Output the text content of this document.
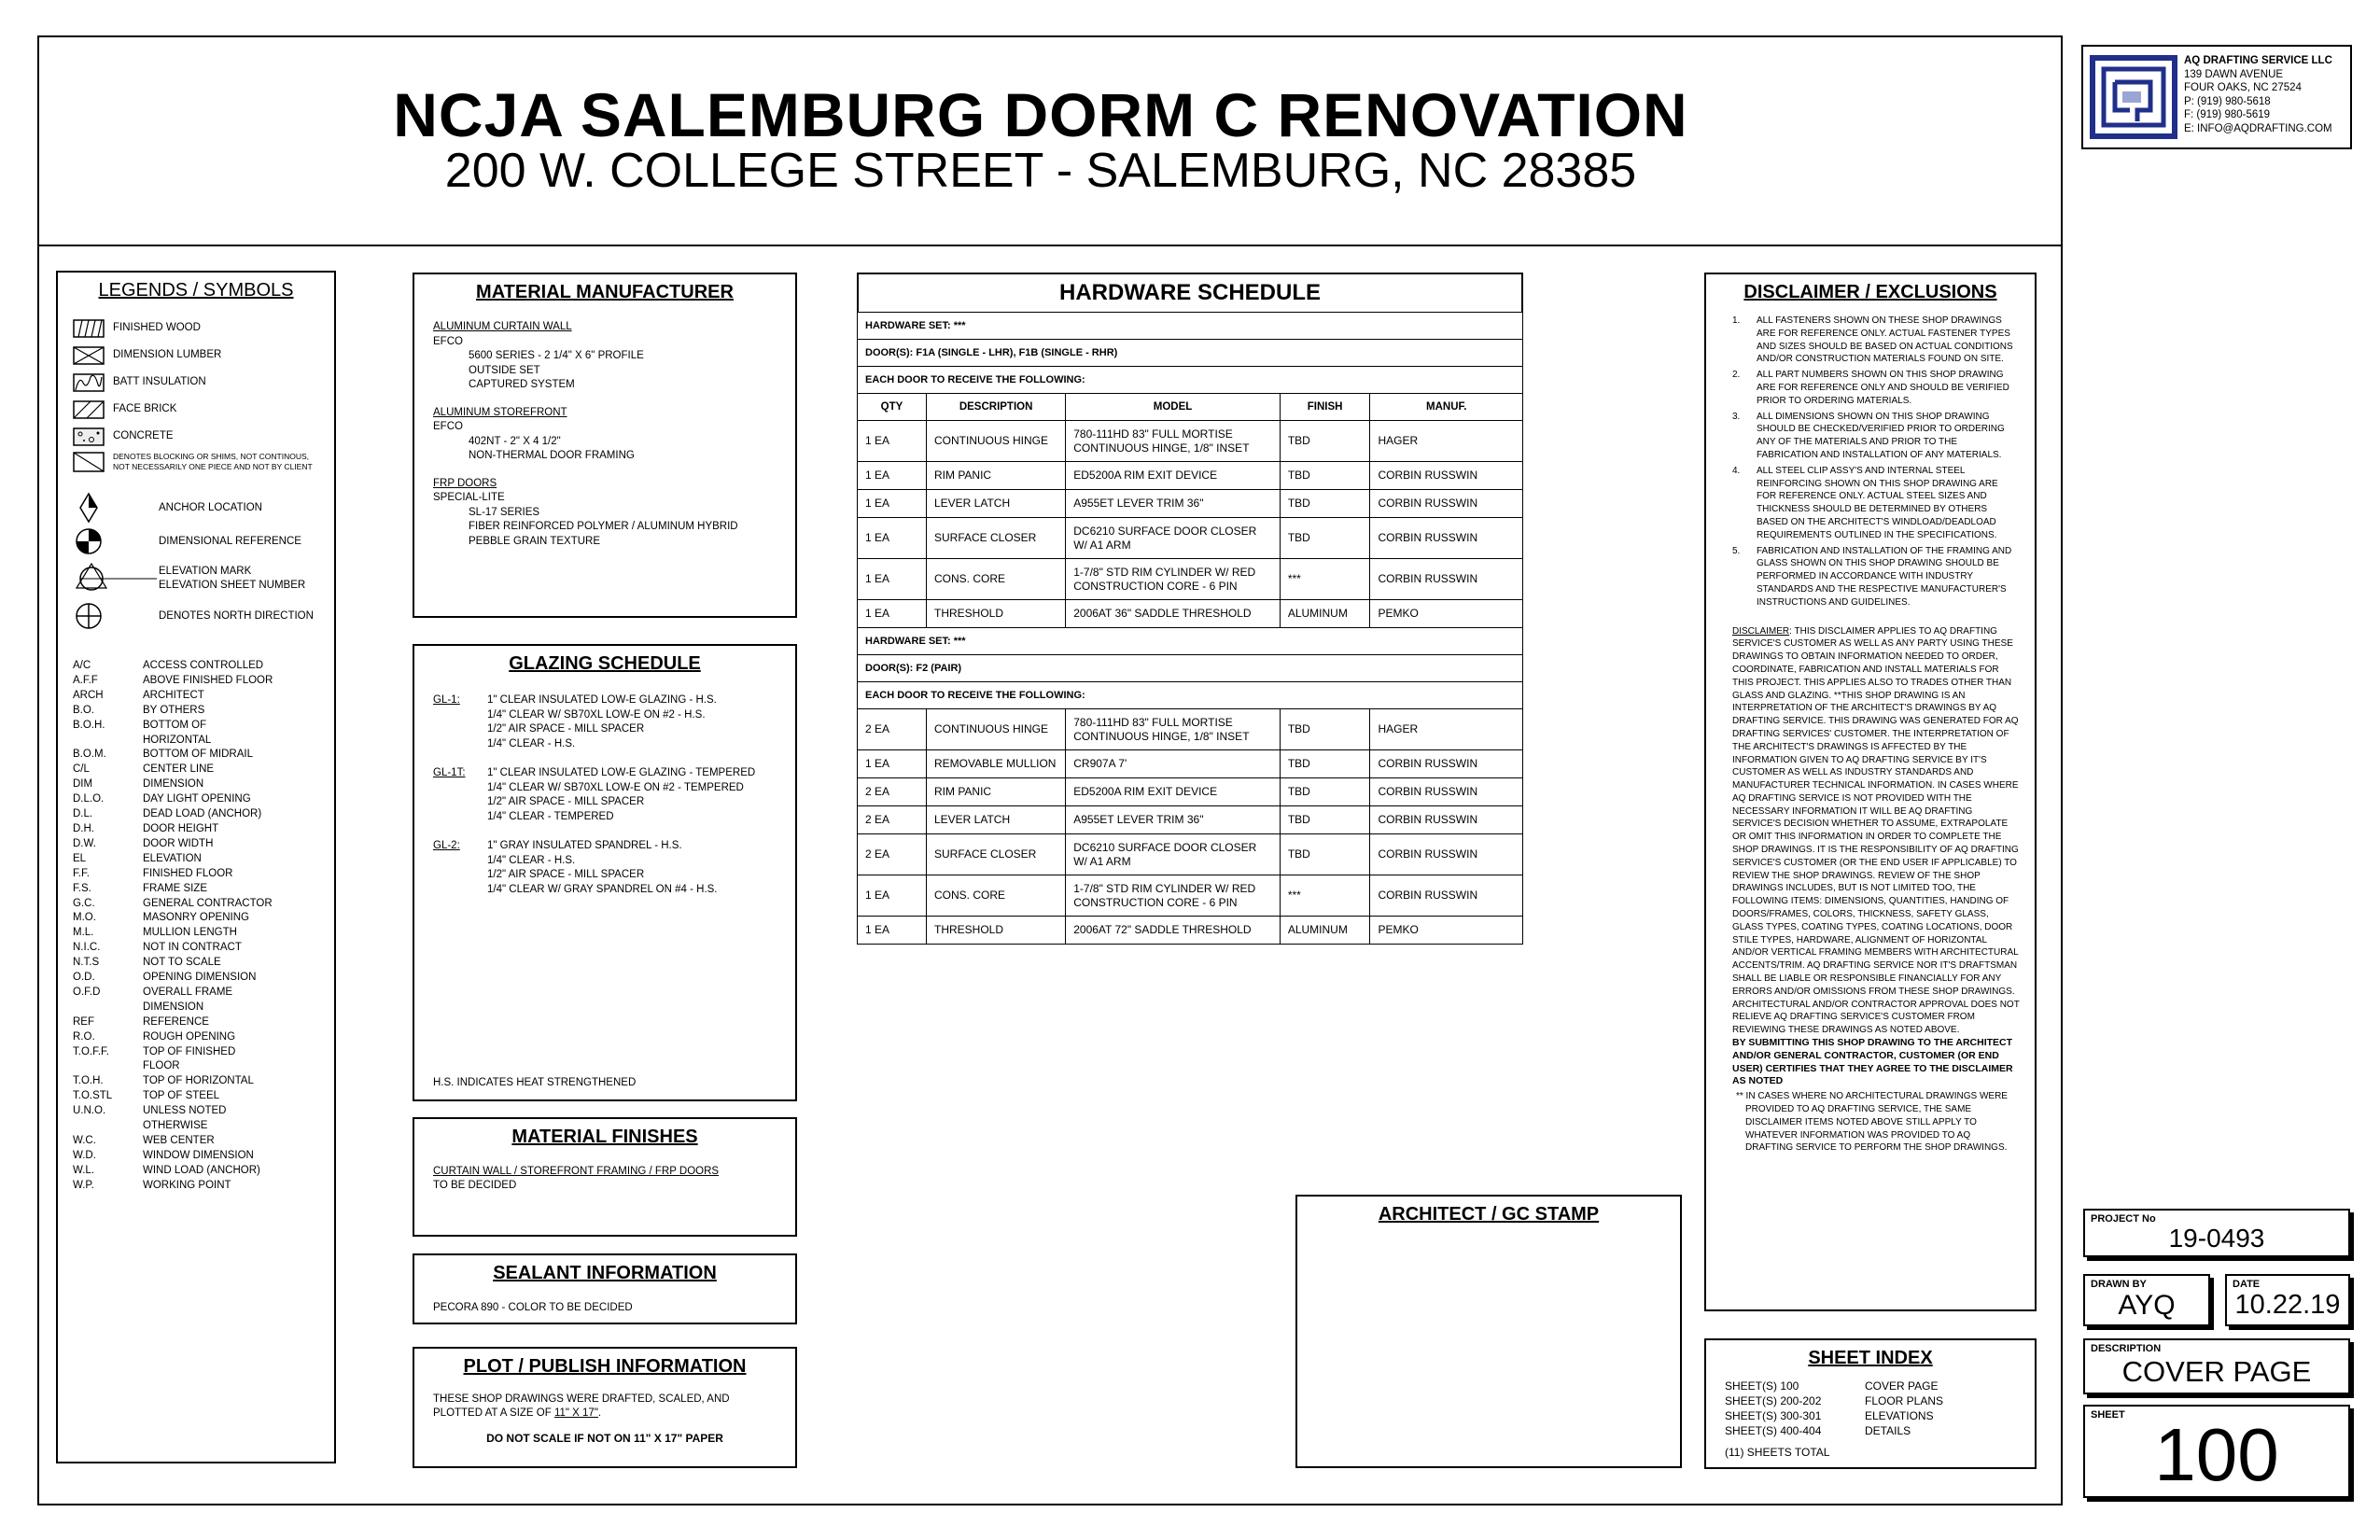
NCJA SALEMBURG DORM C RENOVATION
200 W. COLLEGE STREET - SALEMBURG, NC 28385
AQ DRAFTING SERVICE LLC
139 DAWN AVENUE
FOUR OAKS, NC 27524
P: (919) 980-5618
F: (919) 980-5619
E: INFO@AQDRAFTING.COM
LEGENDS / SYMBOLS
FINISHED WOOD
DIMENSION LUMBER
BATT INSULATION
FACE BRICK
CONCRETE
DENOTES BLOCKING OR SHIMS, NOT CONTINOUS, NOT NECESSARILY ONE PIECE AND NOT BY CLIENT
ANCHOR LOCATION
DIMENSIONAL REFERENCE
ELEVATION MARK
ELEVATION SHEET NUMBER
DENOTES NORTH DIRECTION
A/C	ACCESS CONTROLLED
A.F.F	ABOVE FINISHED FLOOR
ARCH	ARCHITECT
B.O.	BY OTHERS
B.O.H.	BOTTOM OF HORIZONTAL
B.O.M.	BOTTOM OF MIDRAIL
C/L	CENTER LINE
DIM	DIMENSION
D.L.O.	DAY LIGHT OPENING
D.L.	DEAD LOAD (ANCHOR)
D.H.	DOOR HEIGHT
D.W.	DOOR WIDTH
EL	ELEVATION
F.F.	FINISHED FLOOR
F.S.	FRAME SIZE
G.C.	GENERAL CONTRACTOR
M.O.	MASONRY OPENING
M.L.	MULLION LENGTH
N.I.C.	NOT IN CONTRACT
N.T.S	NOT TO SCALE
O.D.	OPENING DIMENSION
O.F.D	OVERALL FRAME DIMENSION
REF	REFERENCE
R.O.	ROUGH OPENING
T.O.F.F.	TOP OF FINISHED FLOOR
T.O.H.	TOP OF HORIZONTAL
T.O.STL	TOP OF STEEL
U.N.O.	UNLESS NOTED OTHERWISE
W.C.	WEB CENTER
W.D.	WINDOW DIMENSION
W.L.	WIND LOAD (ANCHOR)
W.P.	WORKING POINT
MATERIAL MANUFACTURER
ALUMINUM CURTAIN WALL
EFCO
5600 SERIES - 2 1/4" X 6" PROFILE
OUTSIDE SET
CAPTURED SYSTEM
ALUMINUM STOREFRONT
EFCO
402NT - 2" X 4 1/2"
NON-THERMAL DOOR FRAMING
FRP DOORS
SPECIAL-LITE
SL-17 SERIES
FIBER REINFORCED POLYMER / ALUMINUM HYBRID
PEBBLE GRAIN TEXTURE
GLAZING SCHEDULE
GL-1:	1" CLEAR INSULATED LOW-E GLAZING - H.S.
1/4" CLEAR W/ SB70XL LOW-E ON #2 - H.S.
1/2" AIR SPACE - MILL SPACER
1/4" CLEAR - H.S.
GL-1T:	1" CLEAR INSULATED LOW-E GLAZING - TEMPERED
1/4" CLEAR W/ SB70XL LOW-E ON #2 - TEMPERED
1/2" AIR SPACE - MILL SPACER
1/4" CLEAR - TEMPERED
GL-2:	1" GRAY INSULATED SPANDREL - H.S.
1/4" CLEAR - H.S.
1/2" AIR SPACE - MILL SPACER
1/4" CLEAR W/ GRAY SPANDREL ON #4 - H.S.
H.S. INDICATES HEAT STRENGTHENED
MATERIAL FINISHES
CURTAIN WALL / STOREFRONT FRAMING / FRP DOORS
TO BE DECIDED
SEALANT INFORMATION
PECORA 890 - COLOR TO BE DECIDED
PLOT / PUBLISH INFORMATION
THESE SHOP DRAWINGS WERE DRAFTED, SCALED, AND PLOTTED AT A SIZE OF 11" X 17".
DO NOT SCALE IF NOT ON 11" X 17" PAPER
HARDWARE SCHEDULE
HARDWARE SET: ***				
DOOR(S): F1A (SINGLE - LHR), F1B (SINGLE - RHR)				
EACH DOOR TO RECEIVE THE FOLLOWING:				
QTY	DESCRIPTION	MODEL	FINISH	MANUF.
1 EA	CONTINUOUS HINGE	780-111HD 83" FULL MORTISE CONTINUOUS HINGE, 1/8" INSET	TBD	HAGER
1 EA	RIM PANIC	ED5200A RIM EXIT DEVICE	TBD	CORBIN RUSSWIN
1 EA	LEVER LATCH	A955ET LEVER TRIM 36"	TBD	CORBIN RUSSWIN
1 EA	SURFACE CLOSER	DC6210 SURFACE DOOR CLOSER W/ A1 ARM	TBD	CORBIN RUSSWIN
1 EA	CONS. CORE	1-7/8" STD RIM CYLINDER W/ RED CONSTRUCTION CORE - 6 PIN	***	CORBIN RUSSWIN
1 EA	THRESHOLD	2006AT 36" SADDLE THRESHOLD	ALUMINUM	PEMKO
HARDWARE SET: ***				
DOOR(S): F2 (PAIR)				
EACH DOOR TO RECEIVE THE FOLLOWING:				
2 EA	CONTINUOUS HINGE	780-111HD 83" FULL MORTISE CONTINUOUS HINGE, 1/8" INSET	TBD	HAGER
1 EA	REMOVABLE MULLION	CR907A 7'	TBD	CORBIN RUSSWIN
2 EA	RIM PANIC	ED5200A RIM EXIT DEVICE	TBD	CORBIN RUSSWIN
2 EA	LEVER LATCH	A955ET LEVER TRIM 36"	TBD	CORBIN RUSSWIN
2 EA	SURFACE CLOSER	DC6210 SURFACE DOOR CLOSER W/ A1 ARM	TBD	CORBIN RUSSWIN
1 EA	CONS. CORE	1-7/8" STD RIM CYLINDER W/ RED CONSTRUCTION CORE - 6 PIN	***	CORBIN RUSSWIN
1 EA	THRESHOLD	2006AT 72" SADDLE THRESHOLD	ALUMINUM	PEMKO
ARCHITECT / GC STAMP
DISCLAIMER / EXCLUSIONS
1.	ALL FASTENERS SHOWN ON THESE SHOP DRAWINGS ARE FOR REFERENCE ONLY. ACTUAL FASTENER TYPES AND SIZES SHOULD BE BASED ON ACTUAL CONDITIONS AND/OR CONSTRUCTION MATERIALS FOUND ON SITE.
2.	ALL PART NUMBERS SHOWN ON THIS SHOP DRAWING ARE FOR REFERENCE ONLY AND SHOULD BE VERIFIED PRIOR TO ORDERING MATERIALS.
3.	ALL DIMENSIONS SHOWN ON THIS SHOP DRAWING SHOULD BE CHECKED/VERIFIED PRIOR TO ORDERING ANY OF THE MATERIALS AND PRIOR TO THE FABRICATION AND INSTALLATION OF ANY MATERIALS.
4.	ALL STEEL CLIP ASSY'S AND INTERNAL STEEL REINFORCING SHOWN ON THIS SHOP DRAWING ARE FOR REFERENCE ONLY. ACTUAL STEEL SIZES AND THICKNESS SHOULD BE DETERMINED BY OTHERS BASED ON THE ARCHITECT'S WINDLOAD/DEADLOAD REQUIREMENTS OUTLINED IN THE SPECIFICATIONS.
5.	FABRICATION AND INSTALLATION OF THE FRAMING AND GLASS SHOWN ON THIS SHOP DRAWING SHOULD BE PERFORMED IN ACCORDANCE WITH INDUSTRY STANDARDS AND THE RESPECTIVE MANUFACTURER'S INSTRUCTIONS AND GUIDELINES.
DISCLAIMER: THIS DISCLAIMER APPLIES TO AQ DRAFTING SERVICE'S CUSTOMER AS WELL AS ANY PARTY USING THESE DRAWINGS TO OBTAIN INFORMATION NEEDED TO ORDER, COORDINATE, FABRICATION AND INSTALL MATERIALS FOR THIS PROJECT. THIS APPLIES ALSO TO TRADES OTHER THAN GLASS AND GLAZING. **THIS SHOP DRAWING IS AN INTERPRETATION OF THE ARCHITECT'S DRAWINGS BY AQ DRAFTING SERVICE. THIS DRAWING WAS GENERATED FOR AQ DRAFTING SERVICES' CUSTOMER. THE INTERPRETATION OF THE ARCHITECT'S DRAWINGS IS AFFECTED BY THE INFORMATION GIVEN TO AQ DRAFTING SERVICE BY IT'S CUSTOMER AS WELL AS INDUSTRY STANDARDS AND MANUFACTURER TECHNICAL INFORMATION. IN CASES WHERE AQ DRAFTING SERVICE IS NOT PROVIDED WITH THE NECESSARY INFORMATION IT WILL BE AQ DRAFTING SERVICE'S DECISION WHETHER TO ASSUME, EXTRAPOLATE OR OMIT THIS INFORMATION IN ORDER TO COMPLETE THE SHOP DRAWINGS. IT IS THE RESPONSIBILITY OF AQ DRAFTING SERVICE'S CUSTOMER (OR THE END USER IF APPLICABLE) TO REVIEW THE SHOP DRAWINGS. REVIEW OF THE SHOP DRAWINGS INCLUDES, BUT IS NOT LIMITED TOO, THE FOLLOWING ITEMS: DIMENSIONS, QUANTITIES, HANDING OF DOORS/FRAMES, COLORS, THICKNESS, SAFETY GLASS, GLASS TYPES, COATING TYPES, COATING LOCATIONS, DOOR STILE TYPES, HARDWARE, ALIGNMENT OF HORIZONTAL AND/OR VERTICAL FRAMING MEMBERS WITH ARCHITECTURAL ACCENTS/TRIM. AQ DRAFTING SERVICE NOR IT'S DRAFTSMAN SHALL BE LIABLE OR RESPONSIBLE FINANCIALLY FOR ANY ERRORS AND/OR OMISSIONS FROM THESE SHOP DRAWINGS. ARCHITECTURAL AND/OR CONTRACTOR APPROVAL DOES NOT RELIEVE AQ DRAFTING SERVICE'S CUSTOMER FROM REVIEWING THESE DRAWINGS AS NOTED ABOVE.
BY SUBMITTING THIS SHOP DRAWING TO THE ARCHITECT AND/OR GENERAL CONTRACTOR, CUSTOMER (OR END USER) CERTIFIES THAT THEY AGREE TO THE DISCLAIMER AS NOTED
** IN CASES WHERE NO ARCHITECTURAL DRAWINGS WERE PROVIDED TO AQ DRAFTING SERVICE, THE SAME DISCLAIMER ITEMS NOTED ABOVE STILL APPLY TO WHATEVER INFORMATION WAS PROVIDED TO AQ DRAFTING SERVICE TO PERFORM THE SHOP DRAWINGS.
SHEET INDEX
SHEET(S) 100	COVER PAGE
SHEET(S) 200-202	FLOOR PLANS
SHEET(S) 300-301	ELEVATIONS
SHEET(S) 400-404	DETAILS
(11) SHEETS TOTAL
PROJECT No
19-0493
DRAWN BY
AYQ
DATE
10.22.19
DESCRIPTION
COVER PAGE
SHEET 100
